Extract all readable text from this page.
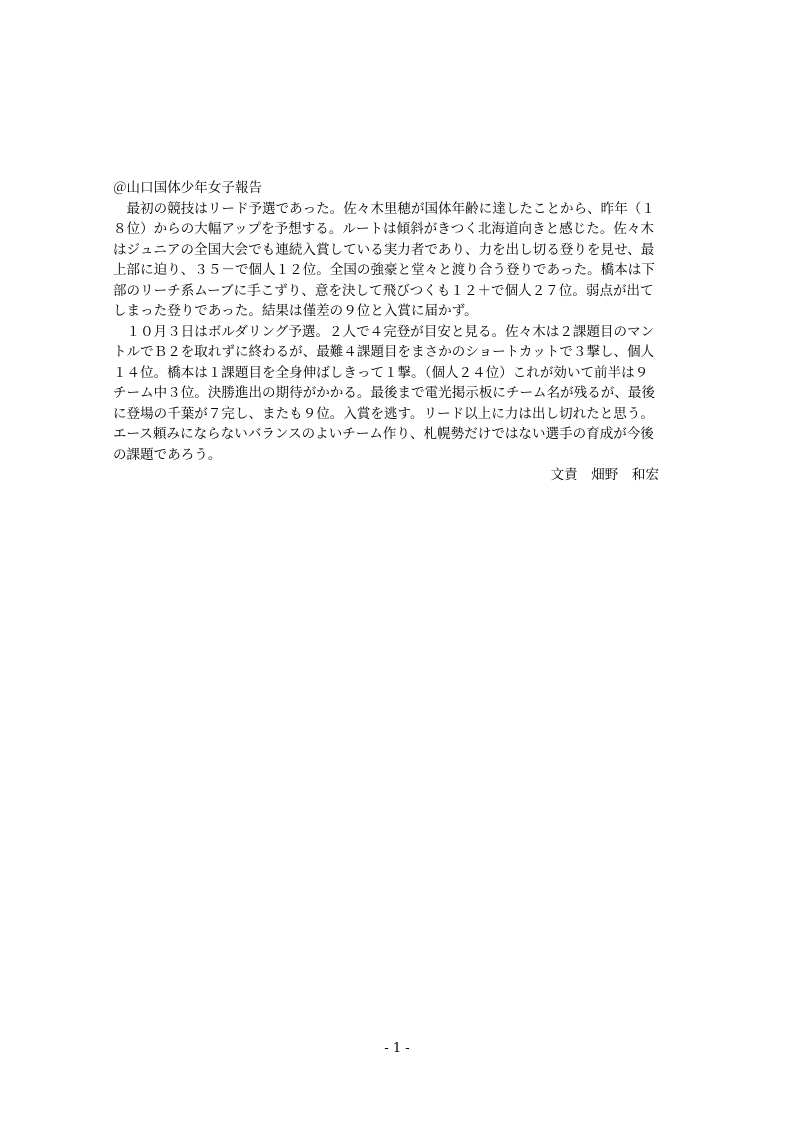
＠山口国体少年女子報告
　最初の競技はリード予選であった。佐々木里穂が国体年齢に達したことから、昨年（１
８位）からの大幅アップを予想する。ルートは傾斜がきつく北海道向きと感じた。佐々木
はジュニアの全国大会でも連続入賞している実力者であり、力を出し切る登りを見せ、最
上部に迫り、３５－で個人１２位。全国の強豪と堂々と渡り合う登りであった。橋本は下
部のリーチ系ムーブに手こずり、意を決して飛びつくも１２＋で個人２７位。弱点が出て
しまった登りであった。結果は僅差の９位と入賞に届かず。
　１０月３日はボルダリング予選。２人で４完登が目安と見る。佐々木は２課題目のマン
トルでＢ２を取れずに終わるが、最難４課題目をまさかのショートカットで３撃し、個人
１４位。橋本は１課題目を全身伸ばしきって１撃。（個人２４位）これが効いて前半は９
チーム中３位。決勝進出の期待がかかる。最後まで電光掲示板にチーム名が残るが、最後
に登場の千葉が７完し、またも９位。入賞を逃す。リード以上に力は出し切れたと思う。
エース頼みにならないバランスのよいチーム作り、札幌勢だけではない選手の育成が今後
の課題であろう。
文責　畑野　和宏
- 1 -
